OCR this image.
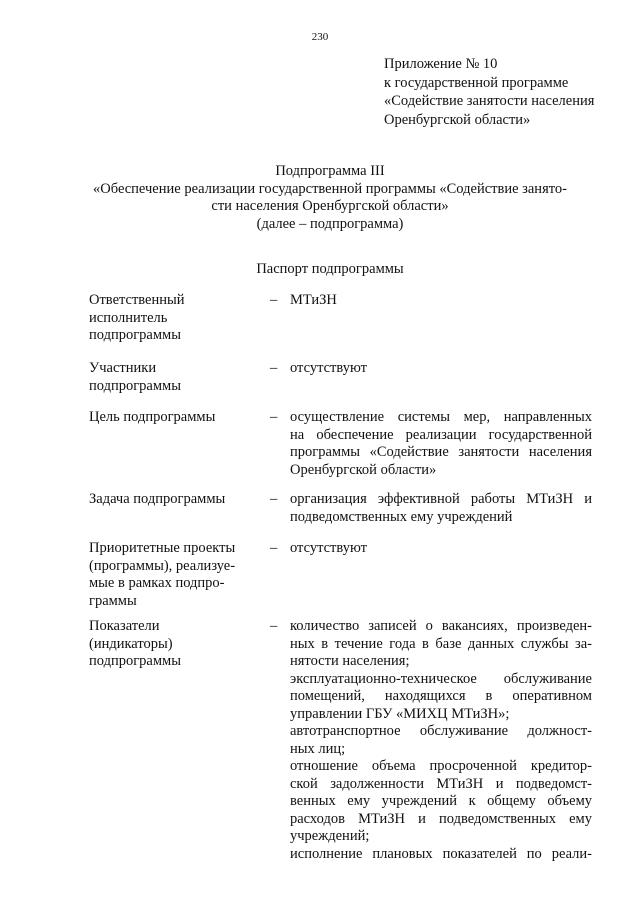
230
Приложение № 10
к государственной программе
«Содействие занятости населения
Оренбургской области»
Подпрограмма III
«Обеспечение реализации государственной программы «Содействие занято-
сти населения Оренбургской области»
(далее – подпрограмма)
Паспорт подпрограммы
Ответственный
исполнитель
подпрограммы
– МТиЗН
Участники
подпрограммы
– отсутствуют
Цель подпрограммы	– осуществление системы мер, направленных
на обеспечение реализации государственной
программы «Содействие занятости населения
Оренбургской области»
Задача подпрограммы	– организация эффективной работы МТиЗН и
подведомственных ему учреждений
Приоритетные проекты
(программы), реализуе-
мые в рамках подпро-
граммы
– отсутствуют
Показатели
(индикаторы)
подпрограммы
– количество записей о вакансиях, произведен-
ных в течение года в базе данных службы за-
нятости населения;
эксплуатационно-техническое обслуживание
помещений, находящихся в оперативном
управлении ГБУ «МИХЦ МТиЗН»;
автотранспортное обслуживание должност-
ных лиц;
отношение объема просроченной кредитор-
ской задолженности МТиЗН и подведомст-
венных ему учреждений к общему объему
расходов МТиЗН и подведомственных ему
учреждений;
исполнение плановых показателей по реали-
